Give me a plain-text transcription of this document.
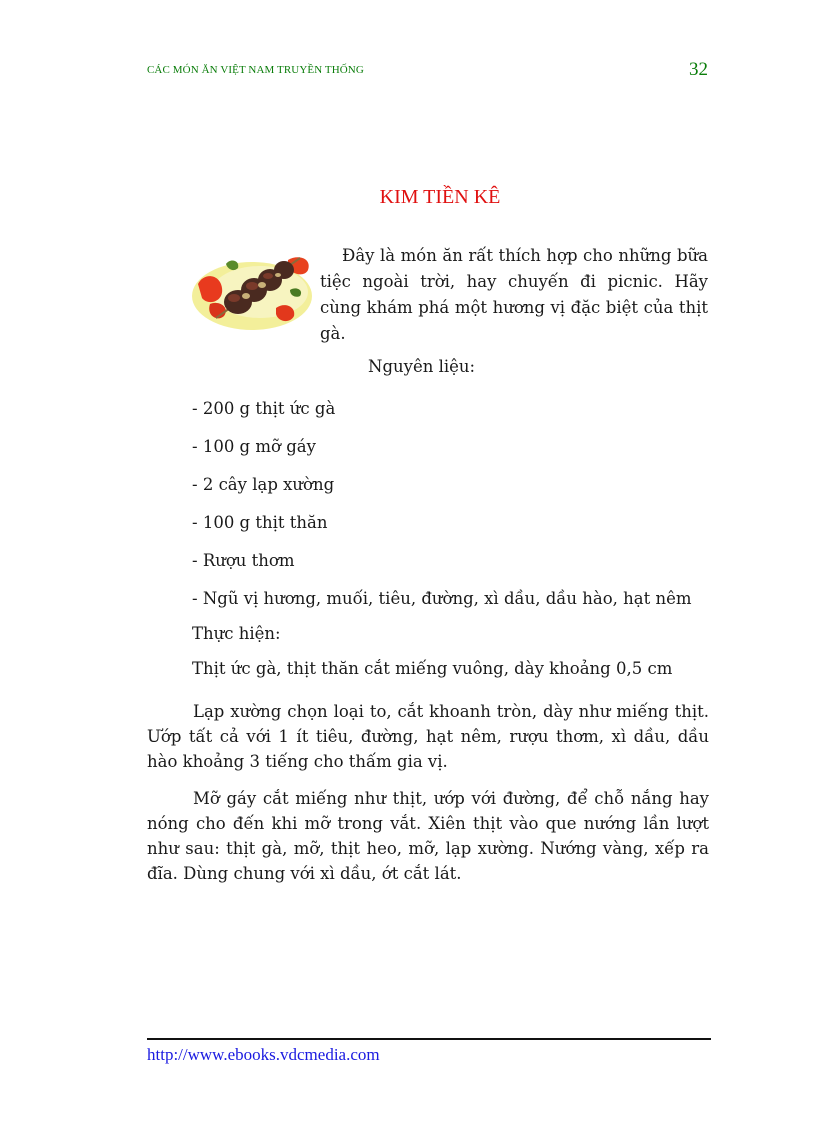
CÁC MÓN ĂN VIỆT NAM TRUYỀN THỐNG	32
KIM TIỀN KÊ

Đây là món ăn rất thích hợp cho những bữa tiệc ngoài trời, hay chuyến đi picnic. Hãy cùng khám phá một hương vị đặc biệt của thịt gà.

Nguyên liệu:

- 200 g thịt ức gà
- 100 g mỡ gáy
- 2 cây lạp xường
- 100 g thịt thăn
- Rượu thơm
- Ngũ vị hương, muối, tiêu, đường, xì dầu, dầu hào, hạt nêm

Thực hiện:

Thịt ức gà, thịt thăn cắt miếng vuông, dày khoảng 0,5 cm

Lạp xường chọn loại to, cắt khoanh tròn, dày như miếng thịt. Ướp tất cả với 1 ít tiêu, đường, hạt nêm, rượu thơm, xì dầu, dầu hào khoảng 3 tiếng cho thấm gia vị.

Mỡ gáy cắt miếng như thịt, ướp với đường, để chỗ nắng hay nóng cho đến khi mỡ trong vắt. Xiên thịt vào que nướng lần lượt như sau: thịt gà, mỡ, thịt heo, mỡ, lạp xường. Nướng vàng, xếp ra đĩa. Dùng chung với xì dầu, ớt cắt lát.

http://www.ebooks.vdcmedia.com
